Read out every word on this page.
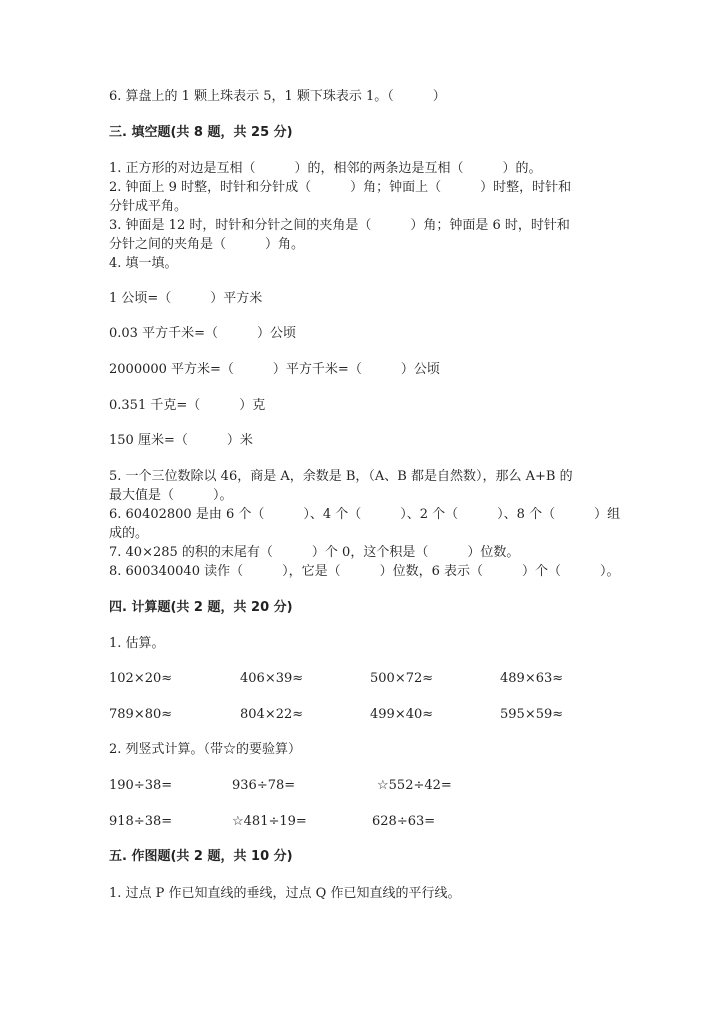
6. 算盘上的 1 颗上珠表示 5，1 颗下珠表示 1。（　　　）
三. 填空题(共 8 题，共 25 分)
1. 正方形的对边是互相（　　　）的，相邻的两条边是互相（　　　）的。
2. 钟面上 9 时整，时针和分针成（　　　）角；钟面上（　　　）时整，时针和
分针成平角。
3. 钟面是 12 时，时针和分针之间的夹角是（　　　）角；钟面是 6 时，时针和
分针之间的夹角是（　　　）角。
4. 填一填。
1 公顷=（　　　）平方米
0.03 平方千米=（　　　）公顷
2000000 平方米=（　　　）平方千米=（　　　）公顷
0.351 千克=（　　　）克
150 厘米=（　　　）米
5. 一个三位数除以 46，商是 A，余数是 B，（A、B 都是自然数），那么 A+B 的
最大值是（　　　）。
6. 60402800 是由 6 个（　　　）、4 个（　　　）、2 个（　　　）、8 个（　　　）组
成的。
7. 40×285 的积的末尾有（　　　）个 0，这个积是（　　　）位数。
8. 600340040 读作（　　　），它是（　　　）位数，6 表示（　　　）个（　　　）。
四. 计算题(共 2 题，共 20 分)
1. 估算。
102×20≈	406×39≈	500×72≈	489×63≈
789×80≈	804×22≈	499×40≈	595×59≈
2. 列竖式计算。（带☆的要验算）
190÷38=	936÷78=	☆552÷42=
918÷38=	☆481÷19=	628÷63=
五. 作图题(共 2 题，共 10 分)
1. 过点 P 作已知直线的垂线，过点 Q 作已知直线的平行线。
